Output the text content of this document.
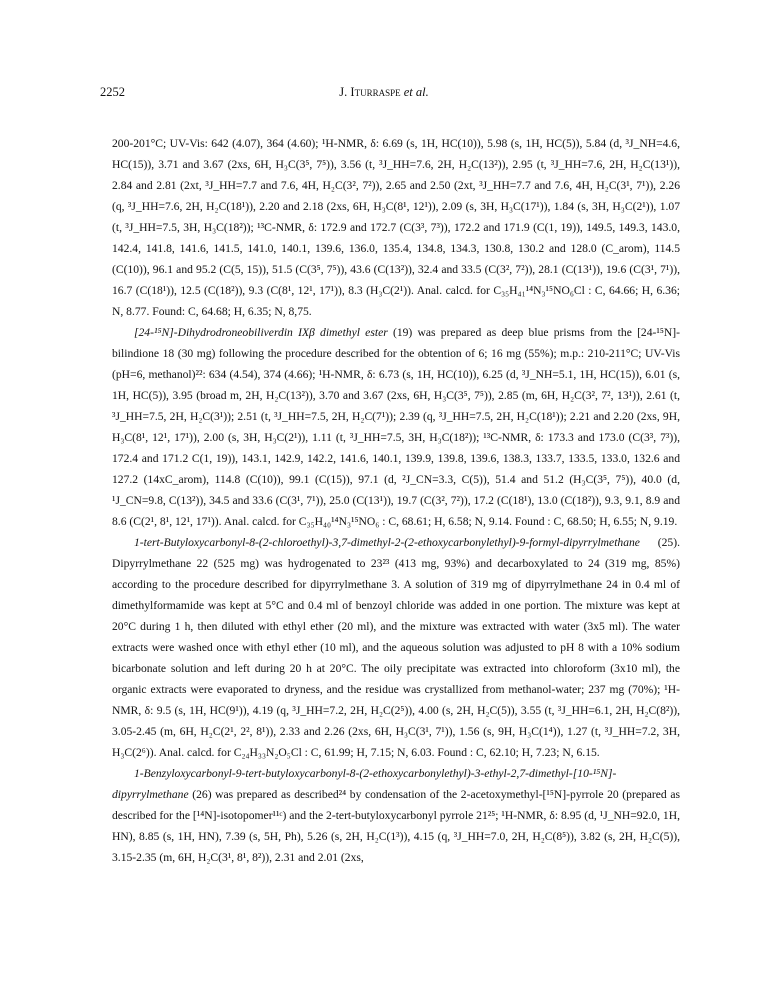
2252	J. Iturraspe et al.

200-201°C; UV-Vis: 642 (4.07), 364 (4.60); ¹H-NMR, δ: 6.69 (s, 1H, HC(10)), 5.98 (s, 1H, HC(5)), 5.84 (d, ³J_NH=4.6, HC(15)), 3.71 and 3.67 (2xs, 6H, H₃C(3⁵, 7⁵)), 3.56 (t, ³J_HH=7.6, 2H, H₂C(13²)), 2.95 (t, ³J_HH=7.6, 2H, H₂C(13¹)), 2.84 and 2.81 (2xt, ³J_HH=7.7 and 7.6, 4H, H₂C(3², 7²)), 2.65 and 2.50 (2xt, ³J_HH=7.7 and 7.6, 4H, H₂C(3¹, 7¹)), 2.26 (q, ³J_HH=7.6, 2H, H₂C(18¹)), 2.20 and 2.18 (2xs, 6H, H₃C(8¹, 12¹)), 2.09 (s, 3H, H₃C(17¹)), 1.84 (s, 3H, H₃C(2¹)), 1.07 (t, ³J_HH=7.5, 3H, H₃C(18²)); ¹³C-NMR, δ: 172.9 and 172.7 (C(3³, 7³)), 172.2 and 171.9 (C(1, 19)), 149.5, 149.3, 143.0, 142.4, 141.8, 141.6, 141.5, 141.0, 140.1, 139.6, 136.0, 135.4, 134.8, 134.3, 130.8, 130.2 and 128.0 (C_arom), 114.5 (C(10)), 96.1 and 95.2 (C(5, 15)), 51.5 (C(3⁵, 7⁵)), 43.6 (C(13²)), 32.4 and 33.5 (C(3², 7²)), 28.1 (C(13¹)), 19.6 (C(3¹, 7¹)), 16.7 (C(18¹)), 12.5 (C(18²)), 9.3 (C(8¹, 12¹, 17¹)), 8.3 (H₃C(2¹)). Anal. calcd. for C₃₅H₄₁¹⁴N₃¹⁵NO₆Cl : C, 64.66; H, 6.36; N, 8.77. Found: C, 64.68; H, 6.35; N, 8,75.

[24-¹⁵N]-Dihydrodroneobiliverdin IXβ dimethyl ester (19) was prepared as deep blue prisms from the [24-¹⁵N]-bilindione 18 (30 mg) following the procedure described for the obtention of 6; 16 mg (55%); m.p.: 210-211°C; UV-Vis (pH=6, methanol)²²: 634 (4.54), 374 (4.66); ¹H-NMR, δ: 6.73 (s, 1H, HC(10)), 6.25 (d, ³J_NH=5.1, 1H, HC(15)), 6.01 (s, 1H, HC(5)), 3.95 (broad m, 2H, H₂C(13²)), 3.70 and 3.67 (2xs, 6H, H₃C(3⁵, 7⁵)), 2.85 (m, 6H, H₂C(3², 7², 13¹)), 2.61 (t, ³J_HH=7.5, 2H, H₂C(3¹)); 2.51 (t, ³J_HH=7.5, 2H, H₂C(7¹)); 2.39 (q, ³J_HH=7.5, 2H, H₂C(18¹)); 2.21 and 2.20 (2xs, 9H, H₃C(8¹, 12¹, 17¹)), 2.00 (s, 3H, H₃C(2¹)), 1.11 (t, ³J_HH=7.5, 3H, H₃C(18²)); ¹³C-NMR, δ: 173.3 and 173.0 (C(3³, 7³)), 172.4 and 171.2 C(1, 19)), 143.1, 142.9, 142.2, 141.6, 140.1, 139.9, 139.8, 139.6, 138.3, 133.7, 133.5, 133.0, 132.6 and 127.2 (14xC_arom), 114.8 (C(10)), 99.1 (C(15)), 97.1 (d, ²J_CN=3.3, C(5)), 51.4 and 51.2 (H₃C(3⁵, 7⁵)), 40.0 (d, ¹J_CN=9.8, C(13²)), 34.5 and 33.6 (C(3¹, 7¹)), 25.0 (C(13¹)), 19.7 (C(3², 7²)), 17.2 (C(18¹), 13.0 (C(18²)), 9.3, 9.1, 8.9 and 8.6 (C(2¹, 8¹, 12¹, 17¹)). Anal. calcd. for C₃₅H₄₀¹⁴N₃¹⁵NO₆ : C, 68.61; H, 6.58; N, 9.14. Found : C, 68.50; H, 6.55; N, 9.19.

1-tert-Butyloxycarbonyl-8-(2-chloroethyl)-3,7-dimethyl-2-(2-ethoxycarbonylethyl)-9-formyl-dipyrrylmethane (25). Dipyrrylmethane 22 (525 mg) was hydrogenated to 23²³ (413 mg, 93%) and decarboxylated to 24 (319 mg, 85%) according to the procedure described for dipyrrylmethane 3. A solution of 319 mg of dipyrrylmethane 24 in 0.4 ml of dimethylformamide was kept at 5°C and 0.4 ml of benzoyl chloride was added in one portion. The mixture was kept at 20°C during 1 h, then diluted with ethyl ether (20 ml), and the mixture was extracted with water (3x5 ml). The water extracts were washed once with ethyl ether (10 ml), and the aqueous solution was adjusted to pH 8 with a 10% sodium bicarbonate solution and left during 20 h at 20°C. The oily precipitate was extracted into chloroform (3x10 ml), the organic extracts were evaporated to dryness, and the residue was crystallized from methanol-water; 237 mg (70%); ¹H-NMR, δ: 9.5 (s, 1H, HC(9¹)), 4.19 (q, ³J_HH=7.2, 2H, H₂C(2⁵)), 4.00 (s, 2H, H₂C(5)), 3.55 (t, ³J_HH=6.1, 2H, H₂C(8²)), 3.05-2.45 (m, 6H, H₂C(2¹, 2², 8¹)), 2.33 and 2.26 (2xs, 6H, H₃C(3¹, 7¹)), 1.56 (s, 9H, H₃C(1⁴)), 1.27 (t, ³J_HH=7.2, 3H, H₃C(2⁶)). Anal. calcd. for C₂₄H₃₃N₂O₅Cl : C, 61.99; H, 7.15; N, 6.03. Found : C, 62.10; H, 7.23; N, 6.15.

1-Benzyloxycarbonyl-9-tert-butyloxycarbonyl-8-(2-ethoxycarbonylethyl)-3-ethyl-2,7-dimethyl-[10-¹⁵N]-dipyrrylmethane (26) was prepared as described²⁴ by condensation of the 2-acetoxymethyl-[¹⁵N]-pyrrole 20 (prepared as described for the [¹⁴N]-isotopomer¹¹ᶜ) and the 2-tert-butyloxycarbonyl pyrrole 21²⁵; ¹H-NMR, δ: 8.95 (d, ¹J_NH=92.0, 1H, HN), 8.85 (s, 1H, HN), 7.39 (s, 5H, Ph), 5.26 (s, 2H, H₂C(1³)), 4.15 (q, ³J_HH=7.0, 2H, H₂C(8⁵)), 3.82 (s, 2H, H₂C(5)), 3.15-2.35 (m, 6H, H₂C(3¹, 8¹, 8²)), 2.31 and 2.01 (2xs,
